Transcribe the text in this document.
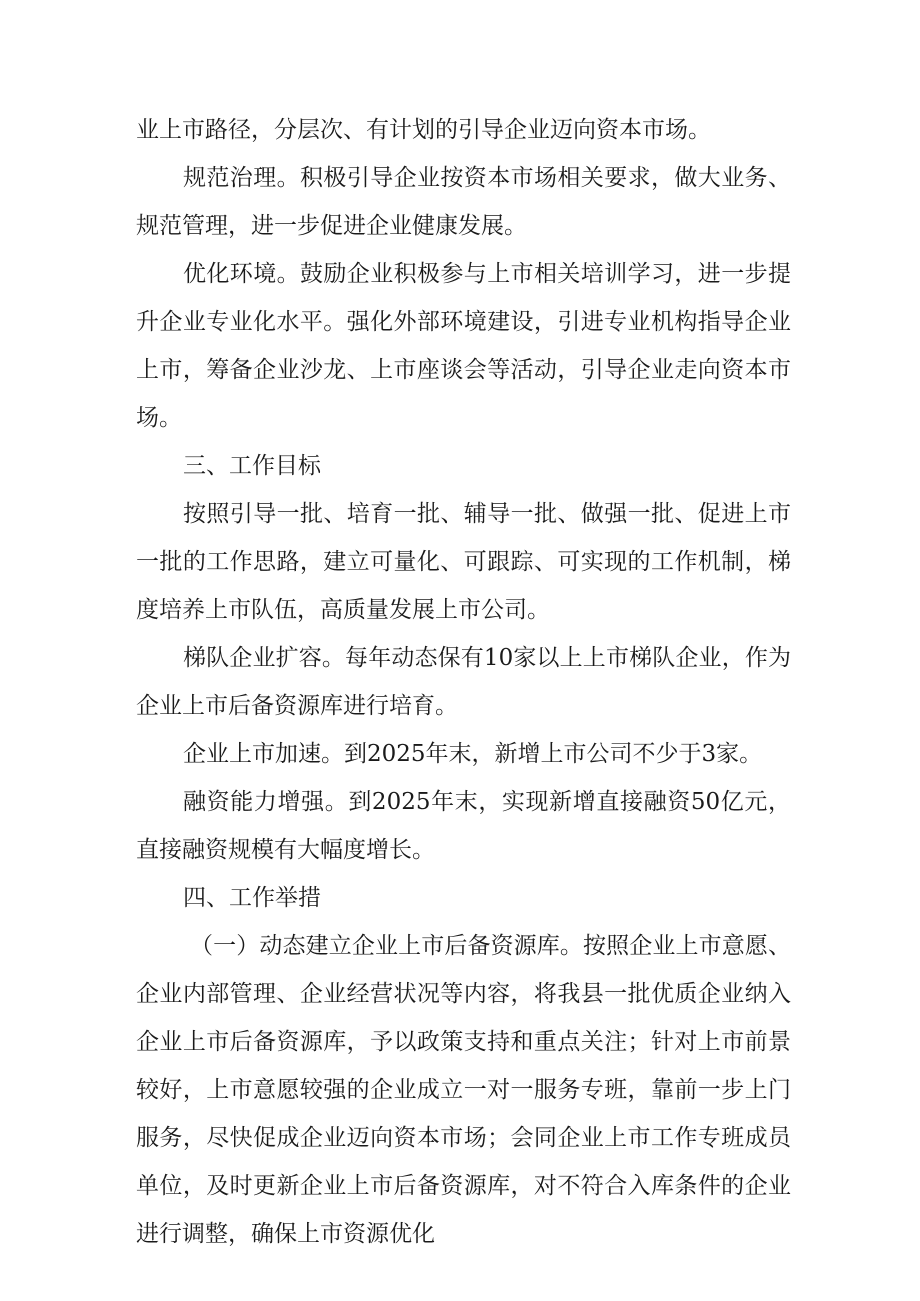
业上市路径，分层次、有计划的引导企业迈向资本市场。

规范治理。积极引导企业按资本市场相关要求，做大业务、规范管理，进一步促进企业健康发展。

优化环境。鼓励企业积极参与上市相关培训学习，进一步提升企业专业化水平。强化外部环境建设，引进专业机构指导企业上市，筹备企业沙龙、上市座谈会等活动，引导企业走向资本市场。

三、工作目标

按照引导一批、培育一批、辅导一批、做强一批、促进上市一批的工作思路，建立可量化、可跟踪、可实现的工作机制，梯度培养上市队伍，高质量发展上市公司。

梯队企业扩容。每年动态保有10家以上上市梯队企业，作为企业上市后备资源库进行培育。

企业上市加速。到2025年末，新增上市公司不少于3家。

融资能力增强。到2025年末，实现新增直接融资50亿元，直接融资规模有大幅度增长。

四、工作举措

（一）动态建立企业上市后备资源库。按照企业上市意愿、企业内部管理、企业经营状况等内容，将我县一批优质企业纳入企业上市后备资源库，予以政策支持和重点关注；针对上市前景较好，上市意愿较强的企业成立一对一服务专班，靠前一步上门服务，尽快促成企业迈向资本市场；会同企业上市工作专班成员单位，及时更新企业上市后备资源库，对不符合入库条件的企业进行调整，确保上市资源优化
